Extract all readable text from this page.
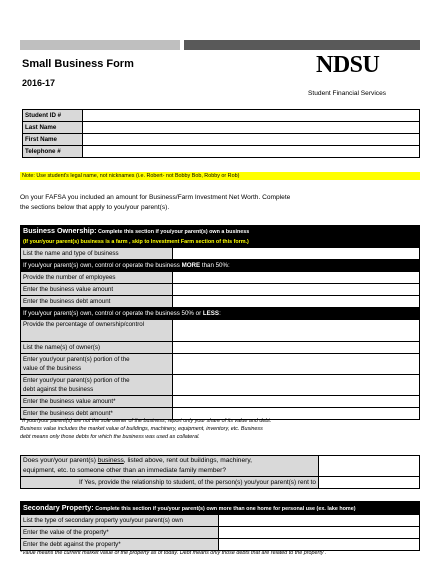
Small Business Form
2016-17
NDSU
Student Financial Services
Student ID #	
Last Name	
First Name	
Telephone #	
Note: Use student's legal name, not nicknames (i.e. Robert- not Bobby Bob, Robby or Rob)
On your FAFSA you included an amount for Business/Farm Investment Net Worth. Complete
the sections below that apply to you/your parent(s).
Business Ownership: Complete this section if you/your parent(s) own a business
(If your/your parent(s) business is a farm , skip to Investment Farm section of this form.)	
List the name and type of business	
If you/your parent(s) own, control or operate the business MORE than 50%:	
Provide the number of employees	
Enter the business value amount	
Enter the business debt amount	
If you/your parent(s) own, control or operate the business 50% or LESS:	
Provide the percentage of ownership/control	
List the name(s) of owner(s)	
Enter your/your parent(s) portion of the
value of the business	
Enter your/your parent(s) portion of the
debt against the business	
Enter the business value amount*	
Enter the business debt amount*	
*If your/your parent(s) are not the sole owner of the business, report only your share of its value and debt.
Business value includes the market value of buildings, machinery, equipment, inventory, etc. Business
debt means only those debts for which the business was used as collateral.
Does your/your parent(s) business, listed above, rent out buildings, machinery,
equipment, etc. to someone other than an immediate family member?	
If Yes, provide the relationship to student, of the person(s) you/your parent(s) rent to	
Secondary Property: Complete this section if you/your parent(s) own more than one home for personal use (ex. lake home)	
List the type of secondary property you/your parent(s) own	
Enter the value of the property*	
Enter the debt against the property*	
*Value means the current market value of the property as of today. Debt means only those debts that are related to the property .
